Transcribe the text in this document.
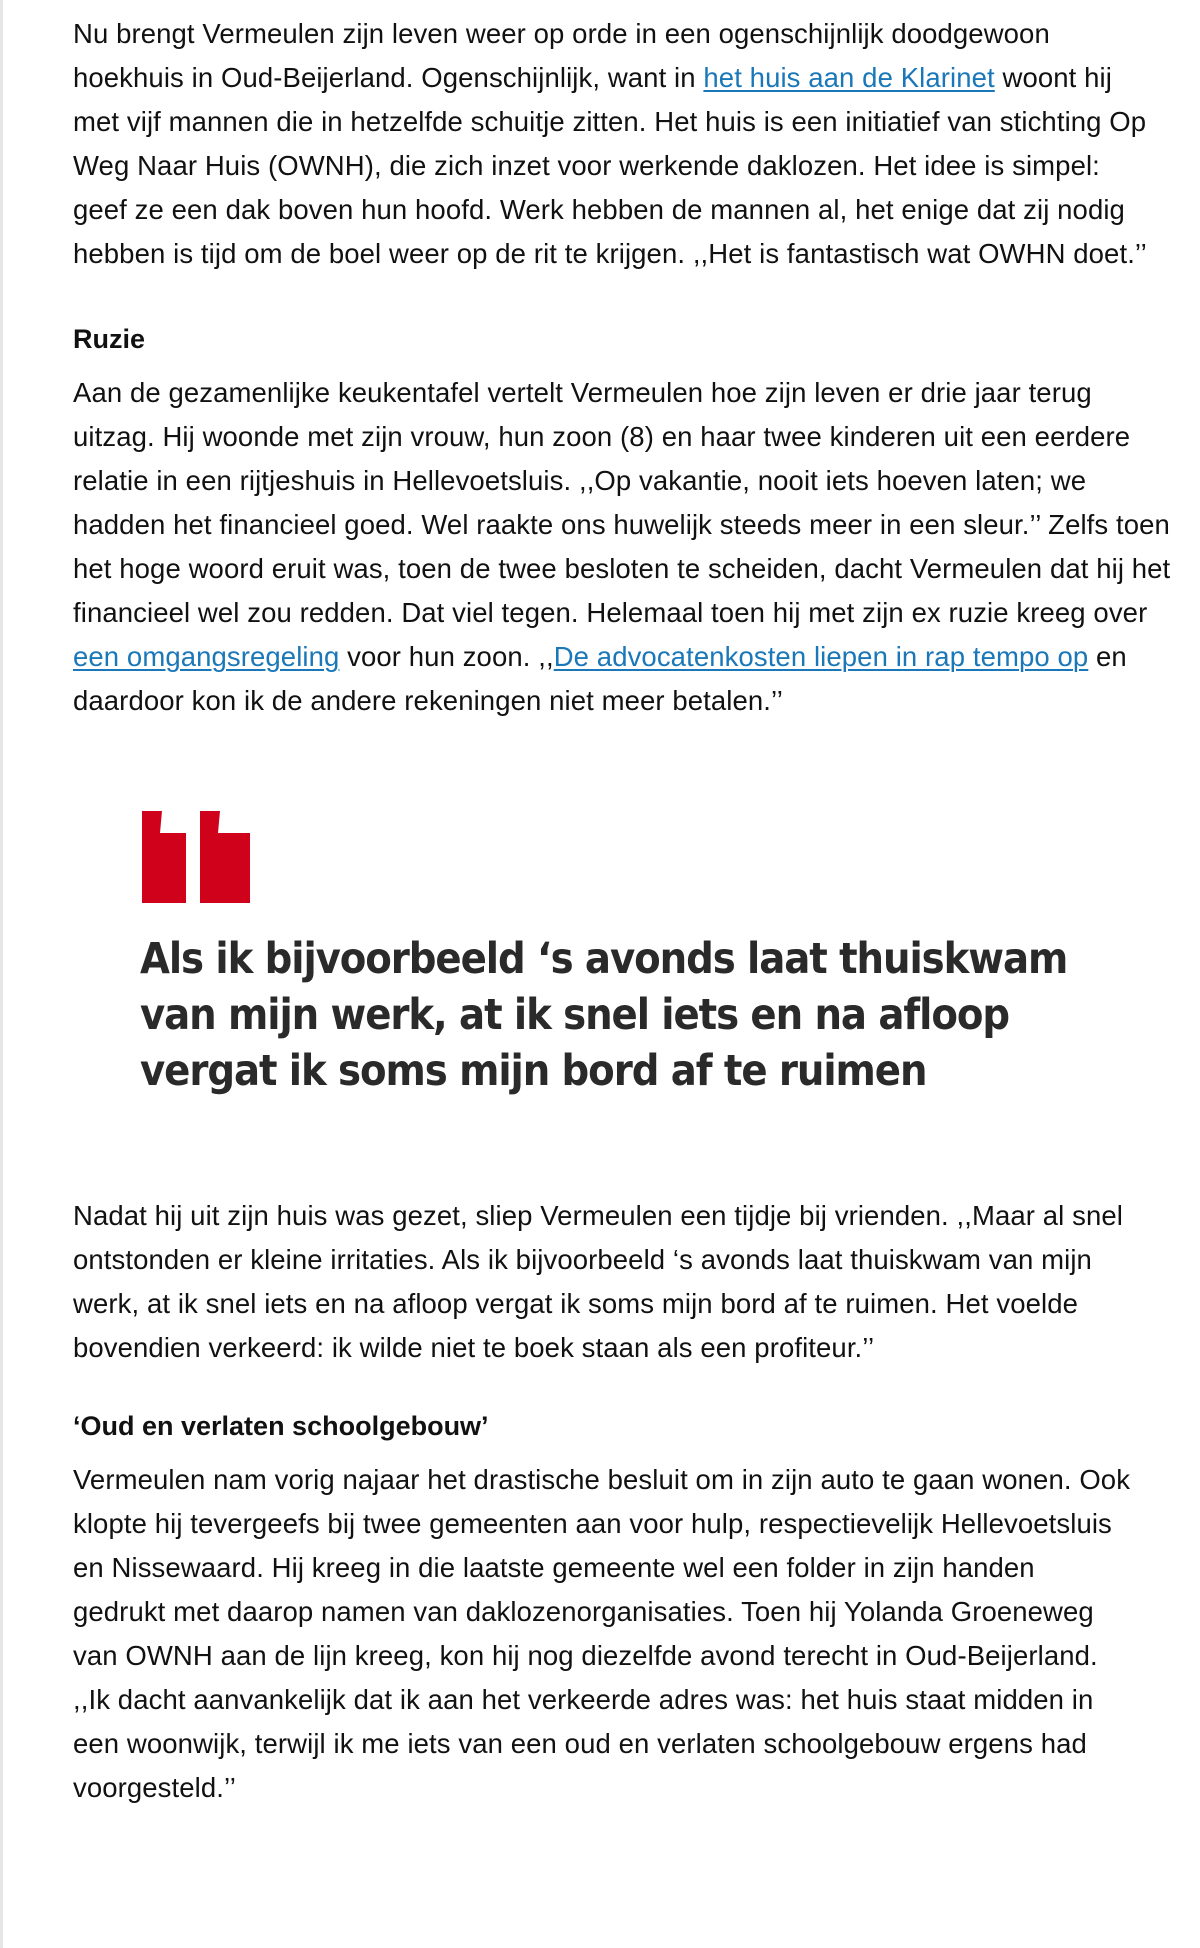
Nu brengt Vermeulen zijn leven weer op orde in een ogenschijnlijk doodgewoon hoekhuis in Oud-Beijerland. Ogenschijnlijk, want in het huis aan de Klarinet woont hij met vijf mannen die in hetzelfde schuitje zitten. Het huis is een initiatief van stichting Op Weg Naar Huis (OWNH), die zich inzet voor werkende daklozen. Het idee is simpel: geef ze een dak boven hun hoofd. Werk hebben de mannen al, het enige dat zij nodig hebben is tijd om de boel weer op de rit te krijgen. ,,Het is fantastisch wat OWHN doet.’’

Ruzie

Aan de gezamenlijke keukentafel vertelt Vermeulen hoe zijn leven er drie jaar terug uitzag. Hij woonde met zijn vrouw, hun zoon (8) en haar twee kinderen uit een eerdere relatie in een rijtjeshuis in Hellevoetsluis. ,,Op vakantie, nooit iets hoeven laten; we hadden het financieel goed. Wel raakte ons huwelijk steeds meer in een sleur.’’ Zelfs toen het hoge woord eruit was, toen de twee besloten te scheiden, dacht Vermeulen dat hij het financieel wel zou redden. Dat viel tegen. Helemaal toen hij met zijn ex ruzie kreeg over een omgangsregeling voor hun zoon. ,,De advocatenkosten liepen in rap tempo op en daardoor kon ik de andere rekeningen niet meer betalen.’’

Als ik bijvoorbeeld ‘s avonds laat thuiskwam van mijn werk, at ik snel iets en na afloop vergat ik soms mijn bord af te ruimen

Nadat hij uit zijn huis was gezet, sliep Vermeulen een tijdje bij vrienden. ,,Maar al snel ontstonden er kleine irritaties. Als ik bijvoorbeeld ‘s avonds laat thuiskwam van mijn werk, at ik snel iets en na afloop vergat ik soms mijn bord af te ruimen. Het voelde bovendien verkeerd: ik wilde niet te boek staan als een profiteur.’’

‘Oud en verlaten schoolgebouw’

Vermeulen nam vorig najaar het drastische besluit om in zijn auto te gaan wonen. Ook klopte hij tevergeefs bij twee gemeenten aan voor hulp, respectievelijk Hellevoetsluis en Nissewaard. Hij kreeg in die laatste gemeente wel een folder in zijn handen gedrukt met daarop namen van daklozenorganisaties. Toen hij Yolanda Groeneweg van OWNH aan de lijn kreeg, kon hij nog diezelfde avond terecht in Oud-Beijerland. ,,Ik dacht aanvankelijk dat ik aan het verkeerde adres was: het huis staat midden in een woonwijk, terwijl ik me iets van een oud en verlaten schoolgebouw ergens had voorgesteld.’’
